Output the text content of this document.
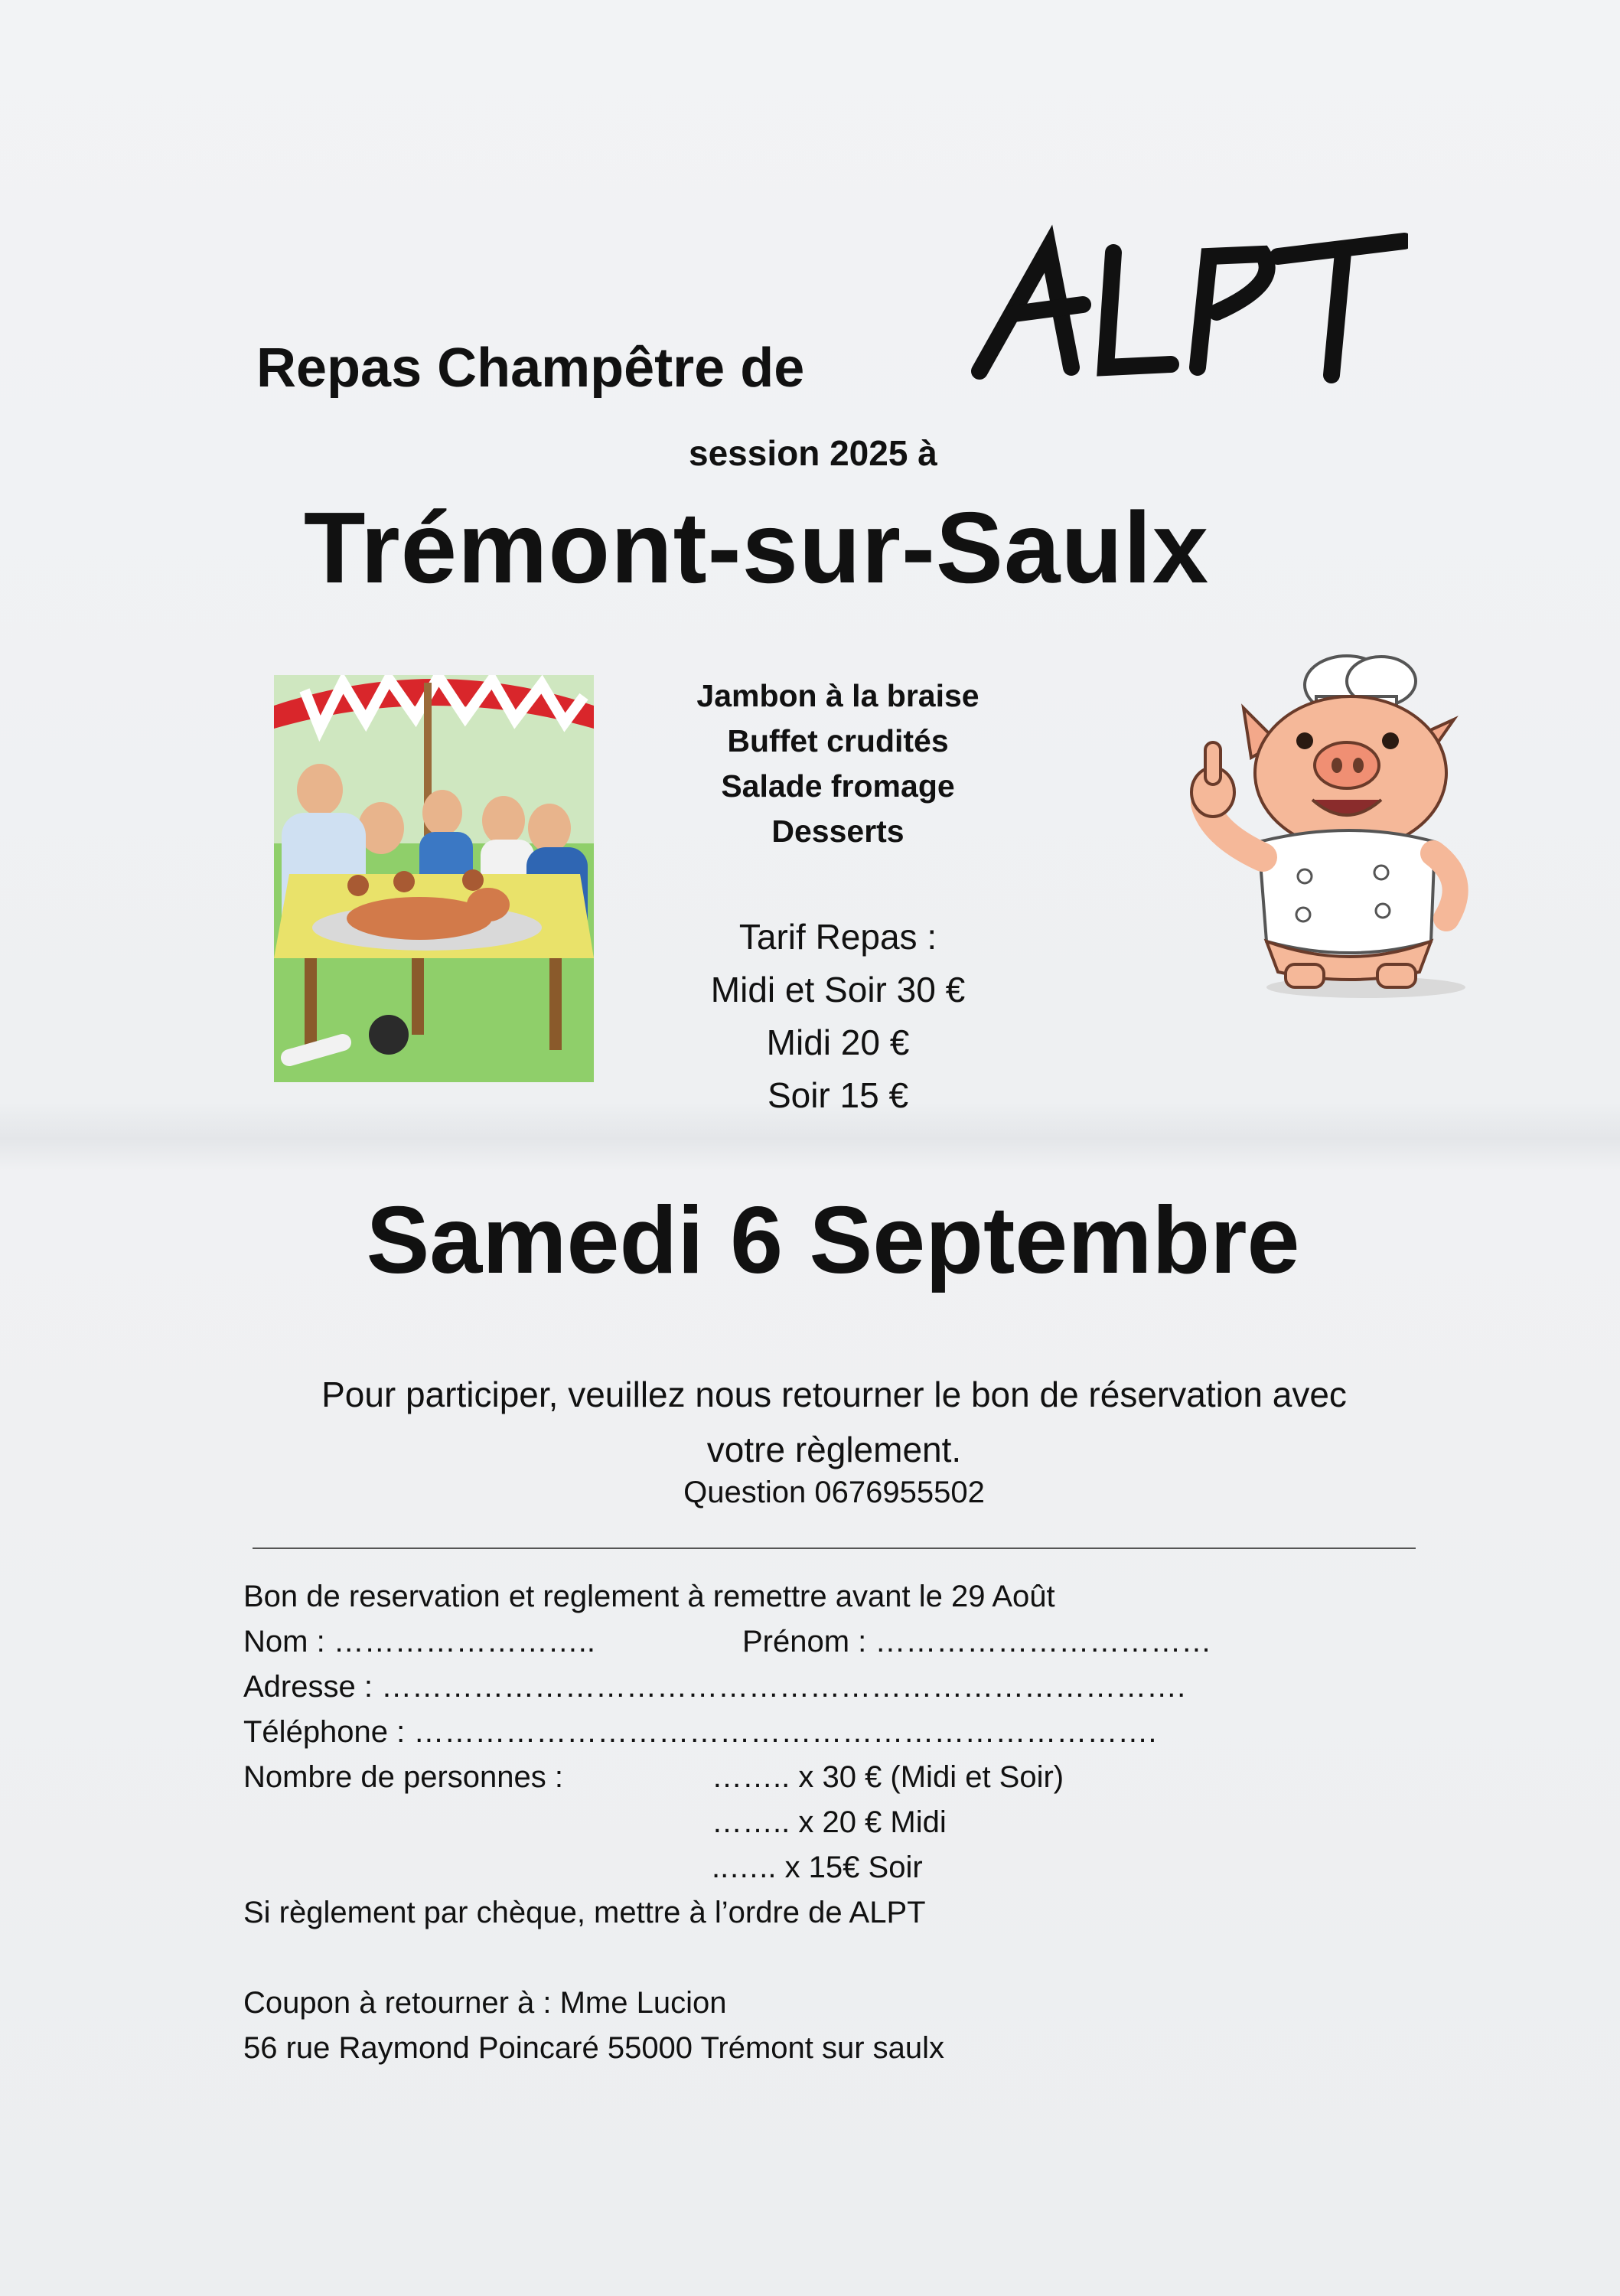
Repas Champêtre de
session 2025 à
Trémont-sur-Saulx
Jambon à la braise
Buffet crudités
Salade fromage
Desserts
Tarif Repas :
Midi et Soir 30 €
Midi 20 €
Soir 15 €
Samedi 6 Septembre
Pour participer, veuillez nous retourner le bon de réservation avec
votre règlement.
Question 0676955502
Bon de reservation et reglement à remettre avant le 29 Août
Nom : ……………………..	Prénom : ……………………………
Adresse : …………………………………………………………………….
Téléphone : ……………………………………………………………….
Nombre de personnes :	…….. x 30 € (Midi et Soir)
…….. x 20 € Midi
..….. x 15€ Soir
Si règlement par chèque, mettre à l’ordre de ALPT
Coupon à retourner à : Mme Lucion
56 rue Raymond Poincaré 55000 Trémont sur saulx
